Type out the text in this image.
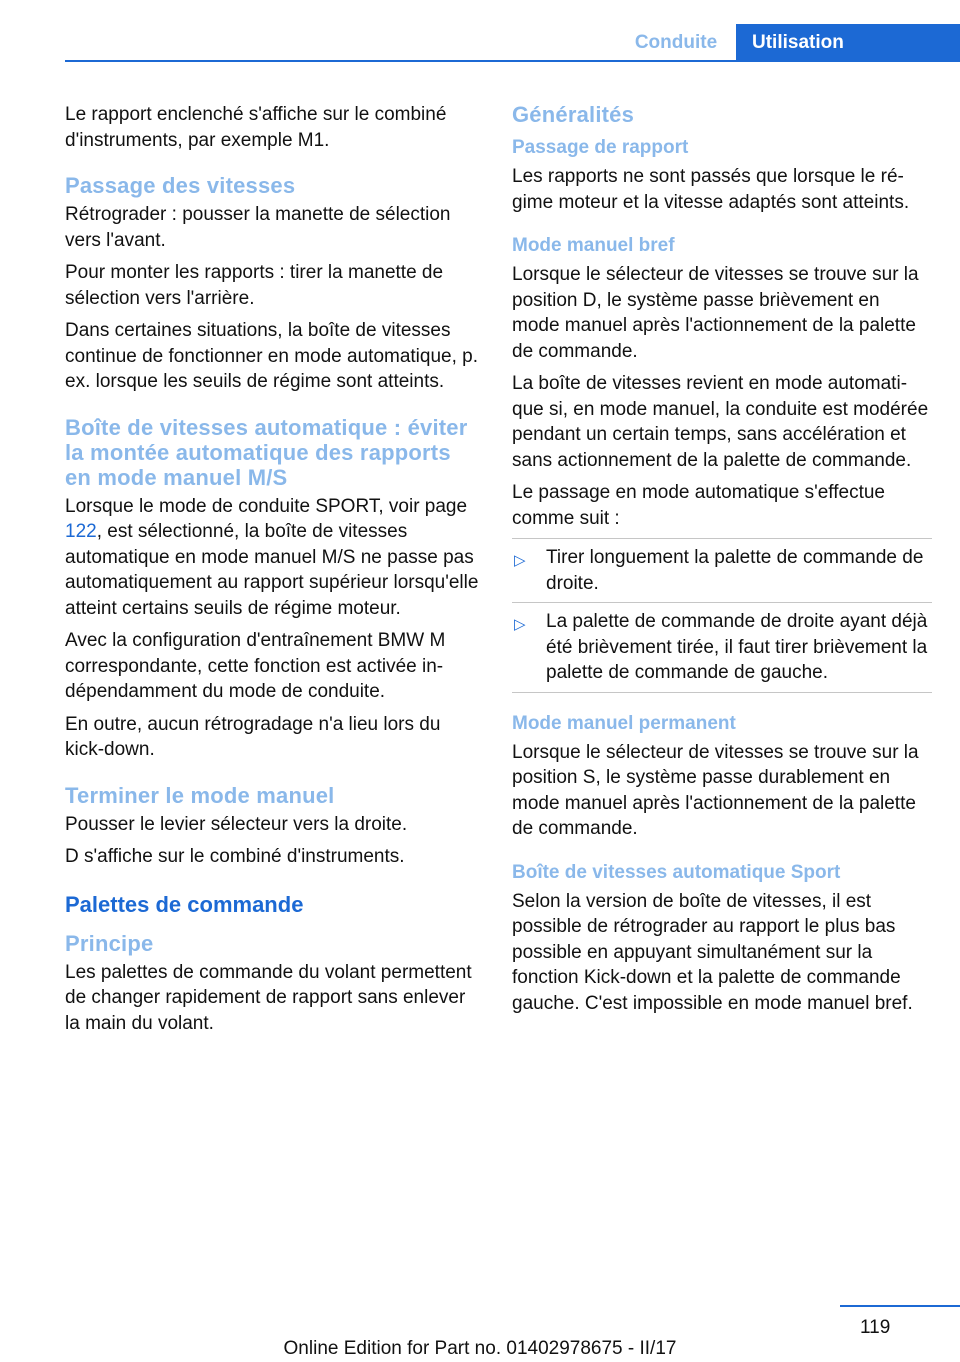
Conduite	Utilisation

Le rapport enclenché s'affiche sur le combiné d'instruments, par exemple M1.

Passage des vitesses

Rétrograder : pousser la manette de sélection vers l'avant.

Pour monter les rapports : tirer la manette de sélection vers l'arrière.

Dans certaines situations, la boîte de vitesses continue de fonctionner en mode automatique, p. ex. lorsque les seuils de régime sont atteints.

Boîte de vitesses automatique : éviter la montée automatique des rapports en mode manuel M/S

Lorsque le mode de conduite SPORT, voir page 122, est sélectionné, la boîte de vitesses automatique en mode manuel M/S ne passe pas automatiquement au rapport supérieur lorsqu'elle atteint certains seuils de régime moteur.

Avec la configuration d'entraînement BMW M correspondante, cette fonction est activée indépendamment du mode de conduite.

En outre, aucun rétrogradage n'a lieu lors du kick-down.

Terminer le mode manuel

Pousser le levier sélecteur vers la droite.

D s'affiche sur le combiné d'instruments.

Palettes de commande
Principe

Les palettes de commande du volant permettent de changer rapidement de rapport sans enlever la main du volant.

Généralités
Passage de rapport

Les rapports ne sont passés que lorsque le régime moteur et la vitesse adaptés sont atteints.

Mode manuel bref

Lorsque le sélecteur de vitesses se trouve sur la position D, le système passe brièvement en mode manuel après l'actionnement de la palette de commande.

La boîte de vitesses revient en mode automatique si, en mode manuel, la conduite est modérée pendant un certain temps, sans accélération et sans actionnement de la palette de commande.

Le passage en mode automatique s'effectue comme suit :

▷ Tirer longuement la palette de commande de droite.
▷ La palette de commande de droite ayant déjà été brièvement tirée, il faut tirer brièvement la palette de commande de gauche.
Mode manuel permanent

Lorsque le sélecteur de vitesses se trouve sur la position S, le système passe durablement en mode manuel après l'actionnement de la palette de commande.

Boîte de vitesses automatique Sport

Selon la version de boîte de vitesses, il est possible de rétrograder au rapport le plus bas possible en appuyant simultanément sur la fonction Kick-down et la palette de commande gauche. C'est impossible en mode manuel bref.

119
Online Edition for Part no. 01402978675 - II/17
